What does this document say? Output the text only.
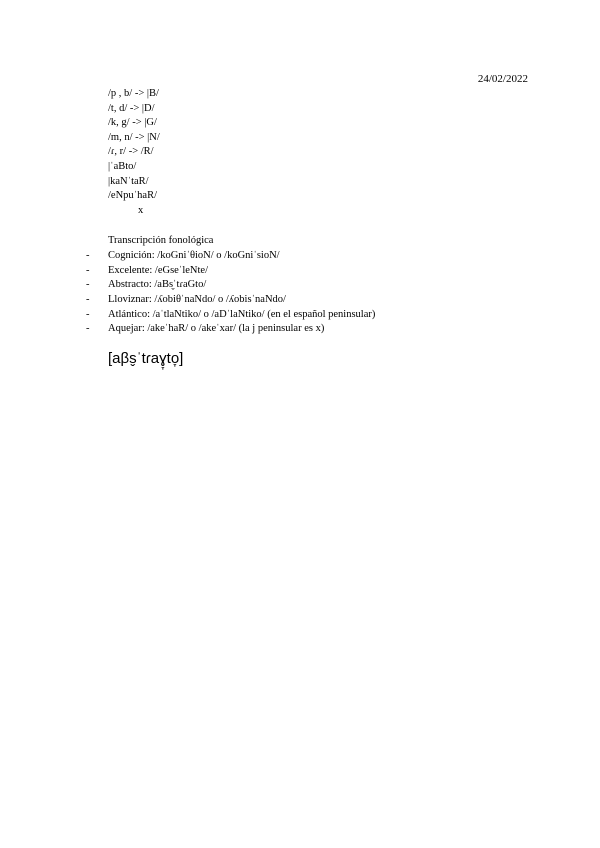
24/02/2022
/p , b/ -> |B/
/t, d/ -> |D/
/k, g/ -> |G/
/m, n/ -> |N/
/ɾ, r/ -> /R/
|ˈaBto/
|kaNˈtaR/
/eNpuˈhaR/
x
Transcripción fonológica
-	Cognición: /koGniˈθioN/ o /koGniˈsioN/
-	Excelente: /eGseˈleNte/
-	Abstracto: /aBs̬ˈtɾaGto/
-	Lloviznar: /ʎobiθˈnaNdo/ o /ʎobisˈnaNdo/
-	Atlántico: /aˈtlaNtiko/ o /aDˈlaNtiko/ (en el español peninsular)
-	Aquejar: /akeˈhaR/ o /akeˈxar/ (la j peninsular es x)
[aβs̬ˈtɾaɣ̞to̞]
